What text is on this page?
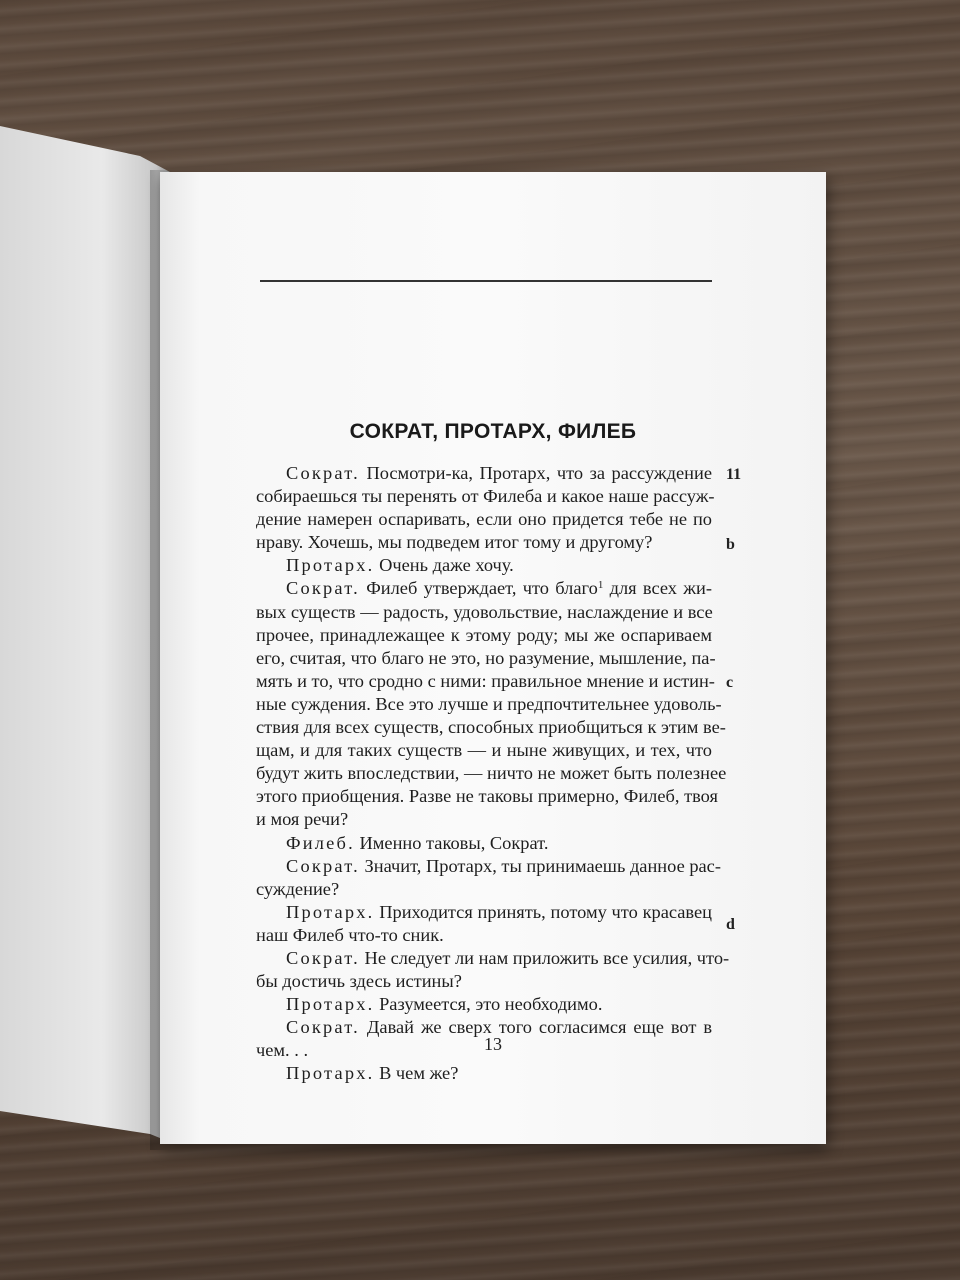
СОКРАТ, ПРОТАРХ, ФИЛЕБ
Сократ. Посмотри-ка, Протарх, что за рассуждение
собираешься ты перенять от Филеба и какое наше рассуж-
дение намерен оспаривать, если оно придется тебе не по
нраву. Хочешь, мы подведем итог тому и другому?
Протарх. Очень даже хочу.
Сократ. Филеб утверждает, что благо$^1$ для всех жи-
вых существ — радость, удовольствие, наслаждение и все
прочее, принадлежащее к этому роду; мы же оспариваем
его, считая, что благо не это, но разумение, мышление, па-
мять и то, что сродно с ними: правильное мнение и истин-
ные суждения. Все это лучше и предпочтительнее удоволь-
ствия для всех существ, способных приобщиться к этим ве-
щам, и для таких существ — и ныне живущих, и тех, что
будут жить впоследствии, — ничто не может быть полезнее
этого приобщения. Разве не таковы примерно, Филеб, твоя
и моя речи?
Филеб. Именно таковы, Сократ.
Сократ. Значит, Протарх, ты принимаешь данное рас-
суждение?
Протарх. Приходится принять, потому что красавец
наш Филеб что-то сник.
Сократ. Не следует ли нам приложить все усилия, что-
бы достичь здесь истины?
Протарх. Разумеется, это необходимо.
Сократ. Давай же сверх того согласимся еще вот в
чем. . .
Протарх. В чем же?
11
b
c
d
13
